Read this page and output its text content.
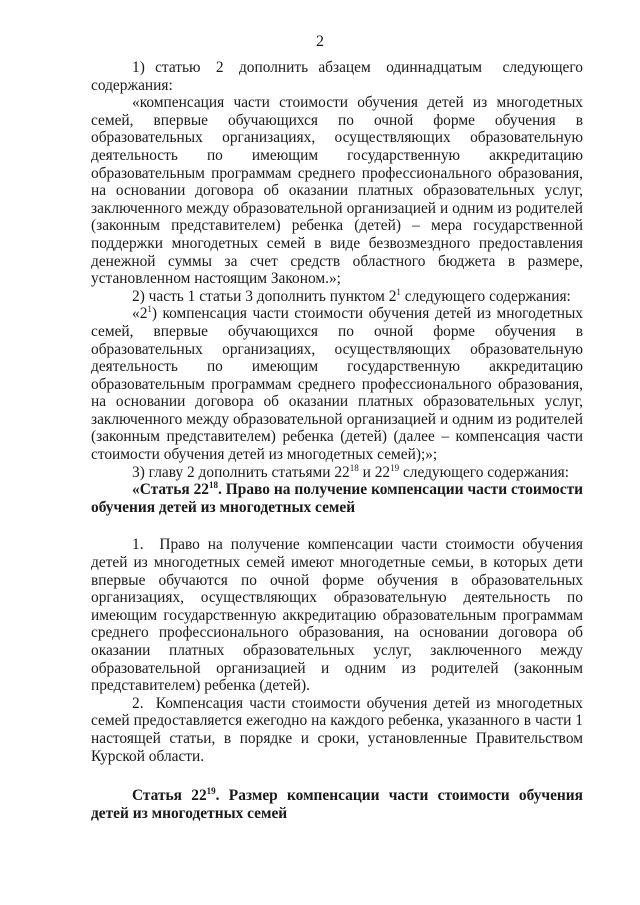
2

1)  статью   2   дополнить  абзацем   одиннадцатым    следующего содержания:

«компенсация части стоимости обучения детей из многодетных семей, впервые обучающихся по очной форме обучения в образовательных организациях, осуществляющих образовательную деятельность по имеющим государственную аккредитацию образовательным программам среднего профессионального образования, на основании договора об оказании платных образовательных услуг, заключенного между образовательной организацией и одним из родителей (законным представителем) ребенка (детей) – мера государственной поддержки многодетных семей в виде безвозмездного предоставления денежной суммы за счет средств областного бюджета в размере, установленном настоящим Законом.»;

2) часть 1 статьи 3 дополнить пунктом $2^1$ следующего содержания:

«$2^1$) компенсация части стоимости обучения детей из многодетных семей, впервые обучающихся по очной форме обучения в образовательных организациях, осуществляющих образовательную деятельность по имеющим государственную аккредитацию образовательным программам среднего профессионального образования, на основании договора об оказании платных образовательных услуг, заключенного между образовательной организацией и одним из родителей (законным представителем) ребенка (детей) (далее – компенсация части стоимости обучения детей из многодетных семей);»;

3) главу 2 дополнить статьями $22^{18}$ и $22^{19}$ следующего содержания:

«Статья $22^{18}$. Право на получение компенсации части стоимости обучения детей из многодетных семей

1.  Право на получение компенсации части стоимости обучения детей из многодетных семей имеют многодетные семьи, в которых дети впервые обучаются по очной форме обучения в образовательных организациях, осуществляющих образовательную деятельность по имеющим государственную аккредитацию образовательным программам среднего профессионального образования, на основании договора об оказании платных образовательных услуг, заключенного между образовательной организацией и одним из родителей (законным представителем) ребенка (детей).

2.  Компенсация части стоимости обучения детей из многодетных семей предоставляется ежегодно на каждого ребенка, указанного в части 1 настоящей статьи, в порядке и сроки, установленные Правительством Курской области.

Статья $22^{19}$. Размер компенсации части стоимости обучения детей из многодетных семей
